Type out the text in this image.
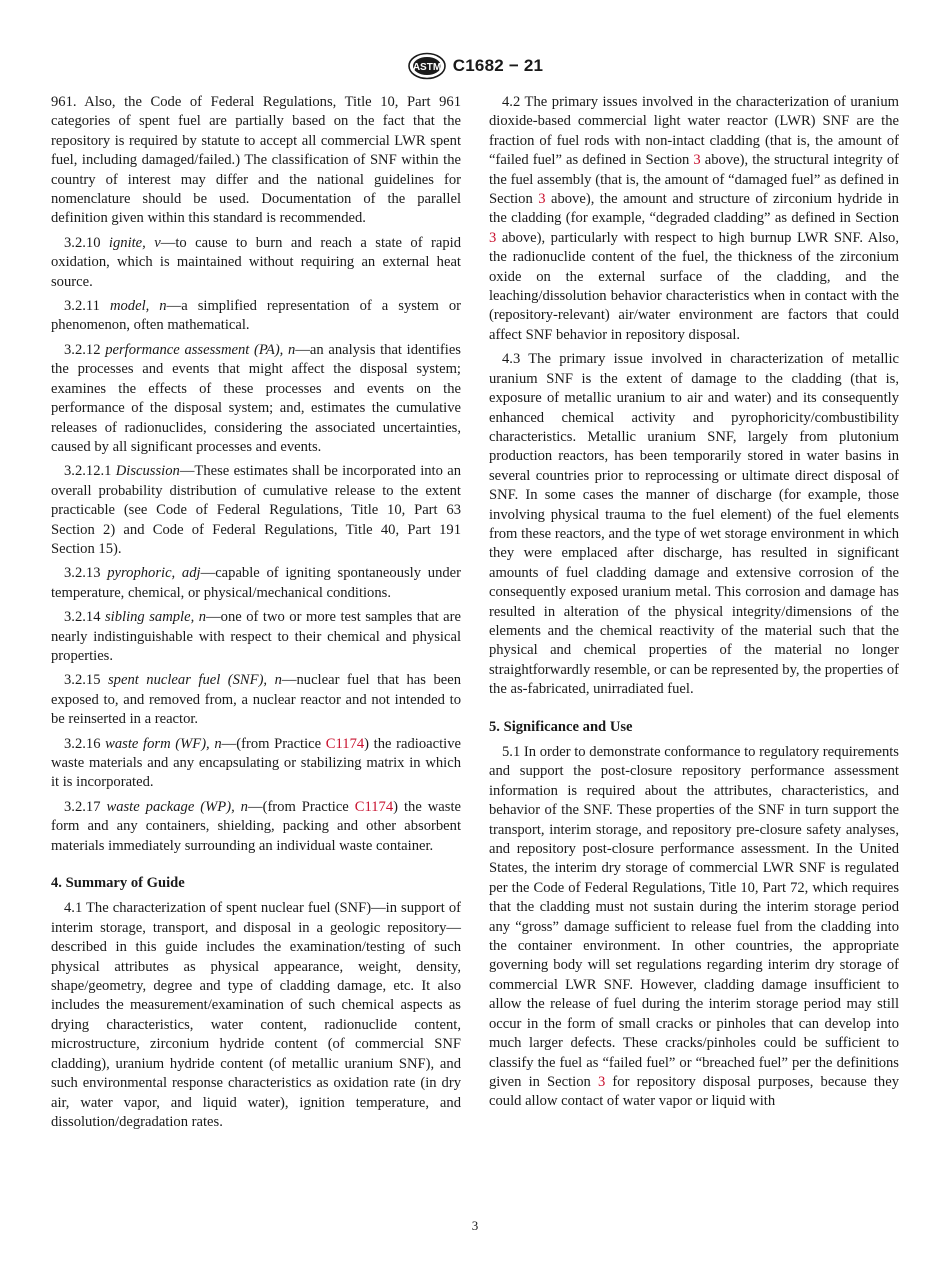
ASTM C1682 − 21

961. Also, the Code of Federal Regulations, Title 10, Part 961 categories of spent fuel are partially based on the fact that the repository is required by statute to accept all commercial LWR spent fuel, including damaged/failed.) The classification of SNF within the country of interest may differ and the national guidelines for nomenclature should be used. Documentation of the parallel definition given within this standard is recommended.

3.2.10 ignite, v—to cause to burn and reach a state of rapid oxidation, which is maintained without requiring an external heat source.

3.2.11 model, n—a simplified representation of a system or phenomenon, often mathematical.

3.2.12 performance assessment (PA), n—an analysis that identifies the processes and events that might affect the disposal system; examines the effects of these processes and events on the performance of the disposal system; and, estimates the cumulative releases of radionuclides, considering the associated uncertainties, caused by all significant processes and events.

3.2.12.1 Discussion—These estimates shall be incorporated into an overall probability distribution of cumulative release to the extent practicable (see Code of Federal Regulations, Title 10, Part 63 Section 2) and Code of Federal Regulations, Title 40, Part 191 Section 15).

3.2.13 pyrophoric, adj—capable of igniting spontaneously under temperature, chemical, or physical/mechanical conditions.

3.2.14 sibling sample, n—one of two or more test samples that are nearly indistinguishable with respect to their chemical and physical properties.

3.2.15 spent nuclear fuel (SNF), n—nuclear fuel that has been exposed to, and removed from, a nuclear reactor and not intended to be reinserted in a reactor.

3.2.16 waste form (WF), n—(from Practice C1174) the radioactive waste materials and any encapsulating or stabilizing matrix in which it is incorporated.

3.2.17 waste package (WP), n—(from Practice C1174) the waste form and any containers, shielding, packing and other absorbent materials immediately surrounding an individual waste container.

4. Summary of Guide

4.1 The characterization of spent nuclear fuel (SNF)—in support of interim storage, transport, and disposal in a geologic repository—described in this guide includes the examination/testing of such physical attributes as physical appearance, weight, density, shape/geometry, degree and type of cladding damage, etc. It also includes the measurement/examination of such chemical aspects as drying characteristics, water content, radionuclide content, microstructure, zirconium hydride content (of commercial SNF cladding), uranium hydride content (of metallic uranium SNF), and such environmental response characteristics as oxidation rate (in dry air, water vapor, and liquid water), ignition temperature, and dissolution/degradation rates.

4.2 The primary issues involved in the characterization of uranium dioxide-based commercial light water reactor (LWR) SNF are the fraction of fuel rods with non-intact cladding (that is, the amount of “failed fuel” as defined in Section 3 above), the structural integrity of the fuel assembly (that is, the amount of “damaged fuel” as defined in Section 3 above), the amount and structure of zirconium hydride in the cladding (for example, “degraded cladding” as defined in Section 3 above), particularly with respect to high burnup LWR SNF. Also, the radionuclide content of the fuel, the thickness of the zirconium oxide on the external surface of the cladding, and the leaching/dissolution behavior characteristics when in contact with the (repository-relevant) air/water environment are factors that could affect SNF behavior in repository disposal.

4.3 The primary issue involved in characterization of metallic uranium SNF is the extent of damage to the cladding (that is, exposure of metallic uranium to air and water) and its consequently enhanced chemical activity and pyrophoricity/combustibility characteristics. Metallic uranium SNF, largely from plutonium production reactors, has been temporarily stored in water basins in several countries prior to reprocessing or ultimate direct disposal of SNF. In some cases the manner of discharge (for example, those involving physical trauma to the fuel element) of the fuel elements from these reactors, and the type of wet storage environment in which they were emplaced after discharge, has resulted in significant amounts of fuel cladding damage and extensive corrosion of the consequently exposed uranium metal. This corrosion and damage has resulted in alteration of the physical integrity/dimensions of the elements and the chemical reactivity of the material such that the physical and chemical properties of the material no longer straightforwardly resemble, or can be represented by, the properties of the as-fabricated, unirradiated fuel.

5. Significance and Use

5.1 In order to demonstrate conformance to regulatory requirements and support the post-closure repository performance assessment information is required about the attributes, characteristics, and behavior of the SNF. These properties of the SNF in turn support the transport, interim storage, and repository pre-closure safety analyses, and repository post-closure performance assessment. In the United States, the interim dry storage of commercial LWR SNF is regulated per the Code of Federal Regulations, Title 10, Part 72, which requires that the cladding must not sustain during the interim storage period any “gross” damage sufficient to release fuel from the cladding into the container environment. In other countries, the appropriate governing body will set regulations regarding interim dry storage of commercial LWR SNF. However, cladding damage insufficient to allow the release of fuel during the interim storage period may still occur in the form of small cracks or pinholes that can develop into much larger defects. These cracks/pinholes could be sufficient to classify the fuel as “failed fuel” or “breached fuel” per the definitions given in Section 3 for repository disposal purposes, because they could allow contact of water vapor or liquid with

3
